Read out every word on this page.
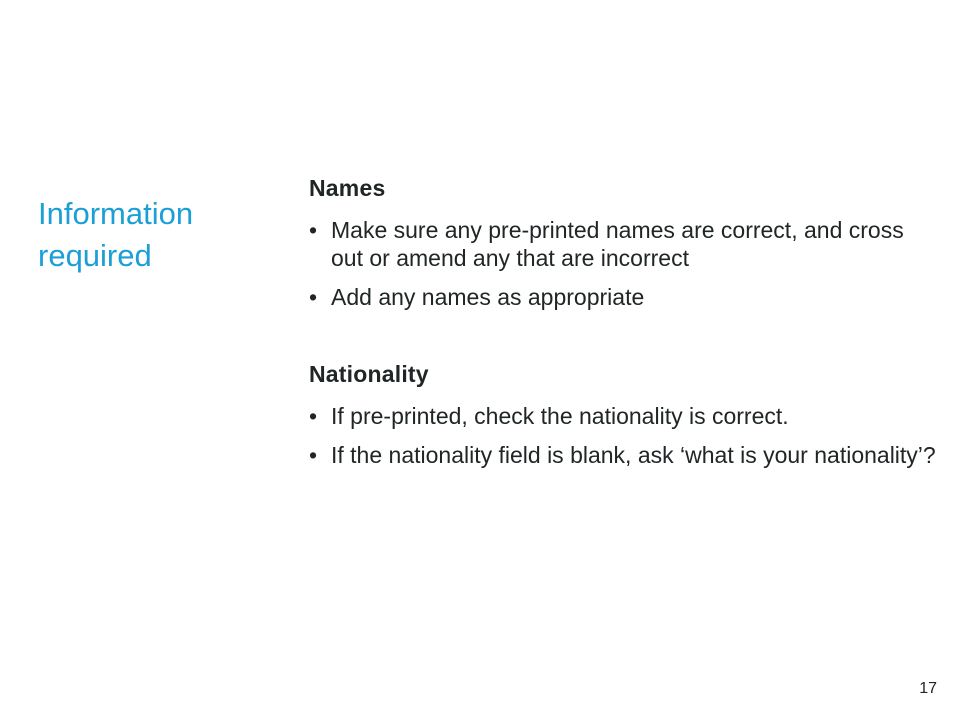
Information
required
Names
• Make sure any pre-printed names are correct, and cross out or amend any that are incorrect
• Add any names as appropriate
Nationality
• If pre-printed, check the nationality is correct.
• If the nationality field is blank, ask ‘what is your nationality’?
17
